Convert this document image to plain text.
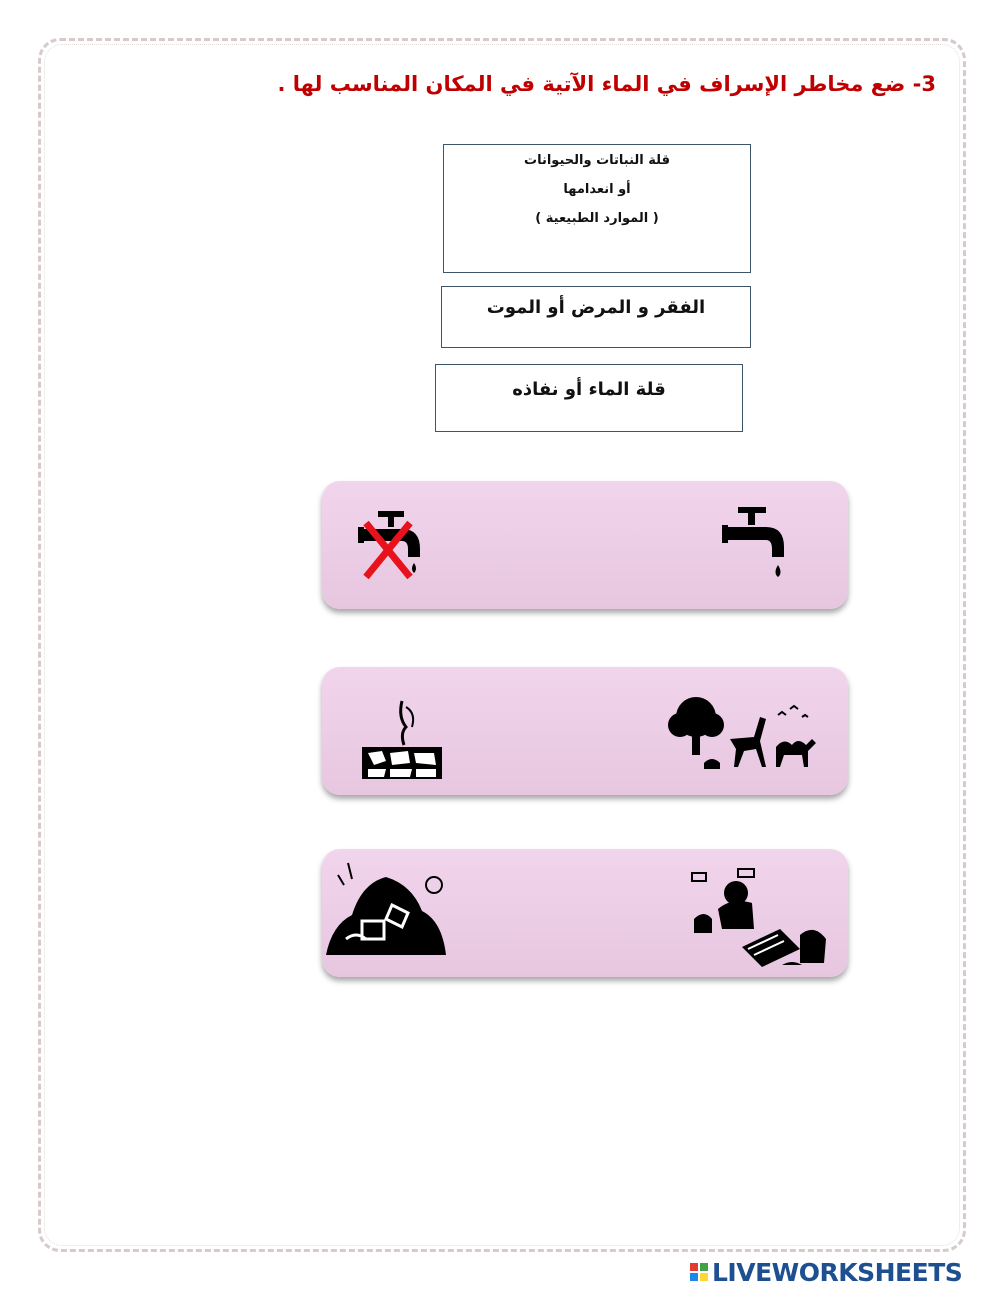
3- ضع مخاطر الإسراف في الماء الآتية في المكان المناسب لها .
قلة النباتات والحيوانات
أو انعدامها
( الموارد الطبيعية )
الفقر و المرض أو الموت
قلة الماء أو نفاذه
LIVEWORKSHEETS
